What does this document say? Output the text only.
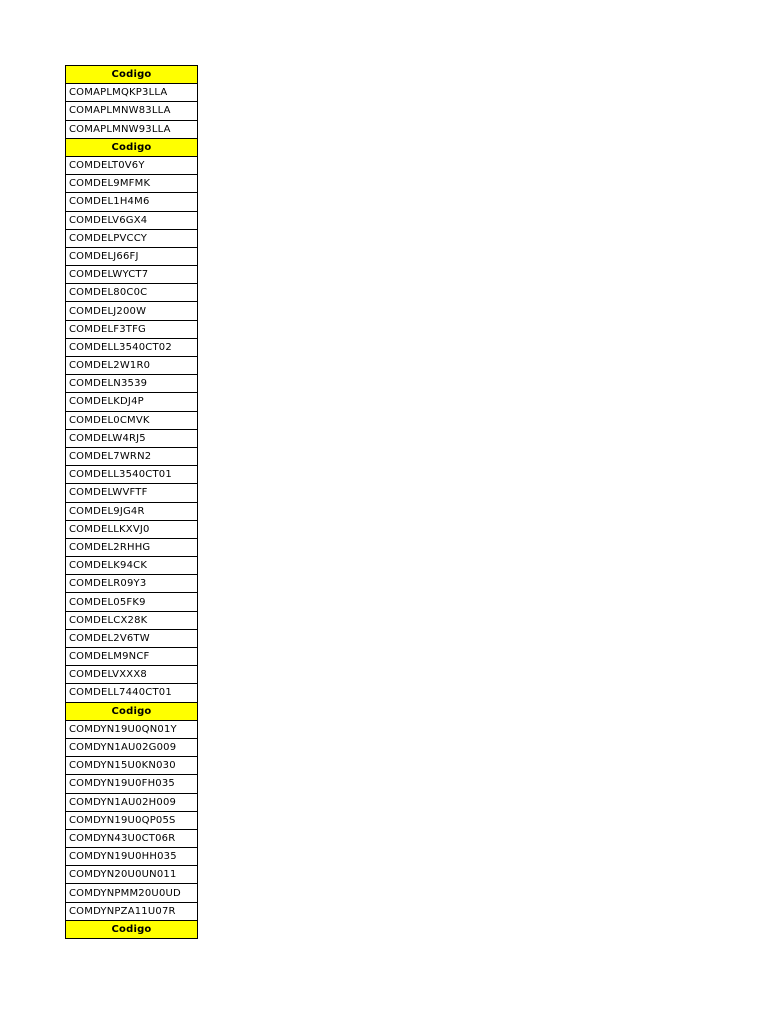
Codigo
COMAPLMQKP3LLA
COMAPLMNW83LLA
COMAPLMNW93LLA
Codigo
COMDELT0V6Y
COMDEL9MFMK
COMDEL1H4M6
COMDELV6GX4
COMDELPVCCY
COMDELJ66FJ
COMDELWYCT7
COMDEL80C0C
COMDELJ200W
COMDELF3TFG
COMDELL3540CT02
COMDEL2W1R0
COMDELN3539
COMDELKDJ4P
COMDEL0CMVK
COMDELW4RJ5
COMDEL7WRN2
COMDELL3540CT01
COMDELWVFTF
COMDEL9JG4R
COMDELLKXVJ0
COMDEL2RHHG
COMDELK94CK
COMDELR09Y3
COMDEL05FK9
COMDELCX28K
COMDEL2V6TW
COMDELM9NCF
COMDELVXXX8
COMDELL7440CT01
Codigo
COMDYN19U0QN01Y
COMDYN1AU02G009
COMDYN15U0KN030
COMDYN19U0FH035
COMDYN1AU02H009
COMDYN19U0QP05S
COMDYN43U0CT06R
COMDYN19U0HH035
COMDYN20U0UN011
COMDYNPMM20U0UD
COMDYNPZA11U07R
Codigo
